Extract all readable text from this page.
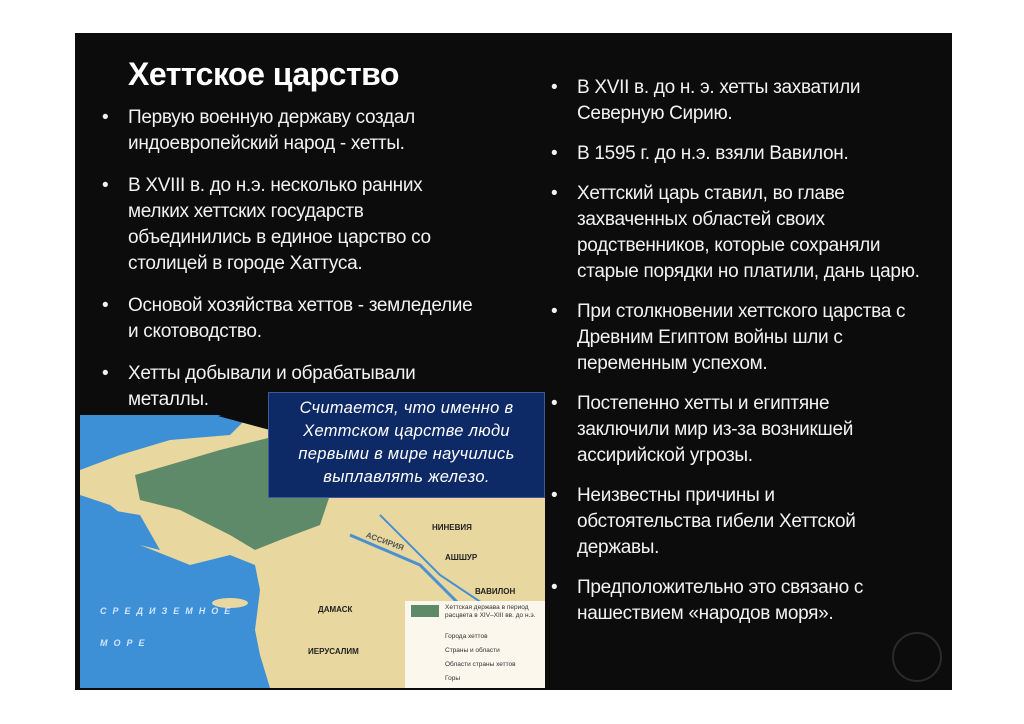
Хеттское царство
• Первую военную державу создал индоевропейский народ - хетты.
• В XVIII в. до н.э. несколько ранних мелких хеттских государств объединились в единое царство со столицей в городе Хаттуса.
• Основой хозяйства хеттов - земледелие и скотоводство.
• Хетты добывали и обрабатывали металлы.
НИНЕВИЯ
АШШУР
ВАВИЛОН
ДАМАСК
ИЕРУСАЛИМ
АССИРИЯ
СРЕДИЗЕМНОЕ МОРЕ
Хеттская держава в период расцвета в XIV–XIII вв. до н.э.
Города хеттов
Страны и области
Области страны хеттов
Горы
Считается, что именно в Хеттском царстве люди первыми в мире научились выплавлять железо.
• В XVII в. до н. э. хетты захватили Северную Сирию.
• В 1595 г. до н.э. взяли Вавилон.
• Хеттский царь ставил, во главе захваченных областей своих родственников, которые сохраняли старые порядки но платили, дань царю.
• При столкновении хеттского царства с Древним Египтом войны шли с переменным успехом.
• Постепенно хетты и египтяне заключили мир из-за возникшей ассирийской угрозы.
• Неизвестны причины и обстоятельства гибели Хеттской державы.
• Предположительно это связано с нашествием «народов моря».
